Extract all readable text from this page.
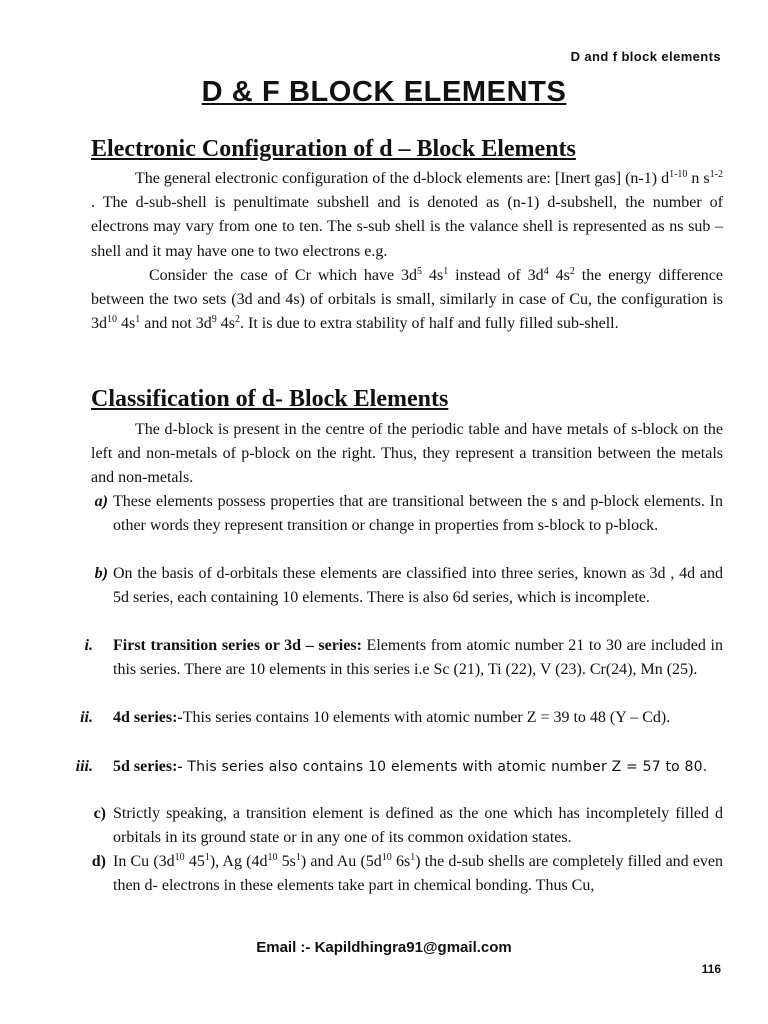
D and f block elements
D & F BLOCK ELEMENTS
Electronic Configuration of d – Block Elements

The general electronic configuration of the d-block elements are: [Inert gas] (n-1) $d^{1-10}$ n $s^{1-2}$ . The d-sub-shell is penultimate subshell and is denoted as (n-1) d-subshell, the number of electrons may vary from one to ten. The s-sub shell is the valance shell is represented as ns sub – shell and it may have one to two electrons e.g.

Consider the case of Cr which have $3d^5$ $4s^1$ instead of $3d^4$ $4s^2$ the energy difference between the two sets (3d and 4s) of orbitals is small, similarly in case of Cu, the configuration is $3d^{10}$ $4s^1$ and not $3d^9$ $4s^2$. It is due to extra stability of half and fully filled sub-shell.

Classification of d- Block Elements

The d-block is present in the centre of the periodic table and have metals of s-block on the left and non-metals of p-block on the right. Thus, they represent a transition between the metals and non-metals.

a) These elements possess properties that are transitional between the s and p-block elements. In other words they represent transition or change in properties from s-block to p-block.

b) On the basis of d-orbitals these elements are classified into three series, known as 3d , 4d and 5d series, each containing 10 elements. There is also 6d series, which is incomplete.

i. First transition series or 3d – series: Elements from atomic number 21 to 30 are included in this series. There are 10 elements in this series i.e Sc (21), Ti (22), V (23). Cr(24), Mn (25).

ii. 4d series:-This series contains 10 elements with atomic number Z = 39 to 48 (Y – Cd).

iii. 5d series:- This series also contains 10 elements with atomic number Z = 57 to 80.

c) Strictly speaking, a transition element is defined as the one which has incompletely filled d orbitals in its ground state or in any one of its common oxidation states.

d) In Cu ($3d^{10}$ $45^1$), Ag ($4d^{10}$ $5s^1$) and Au ($5d^{10}$ $6s^1$) the d-sub shells are completely filled and even then d- electrons in these elements take part in chemical bonding. Thus Cu,

Email :- Kapildhingra91@gmail.com
116
